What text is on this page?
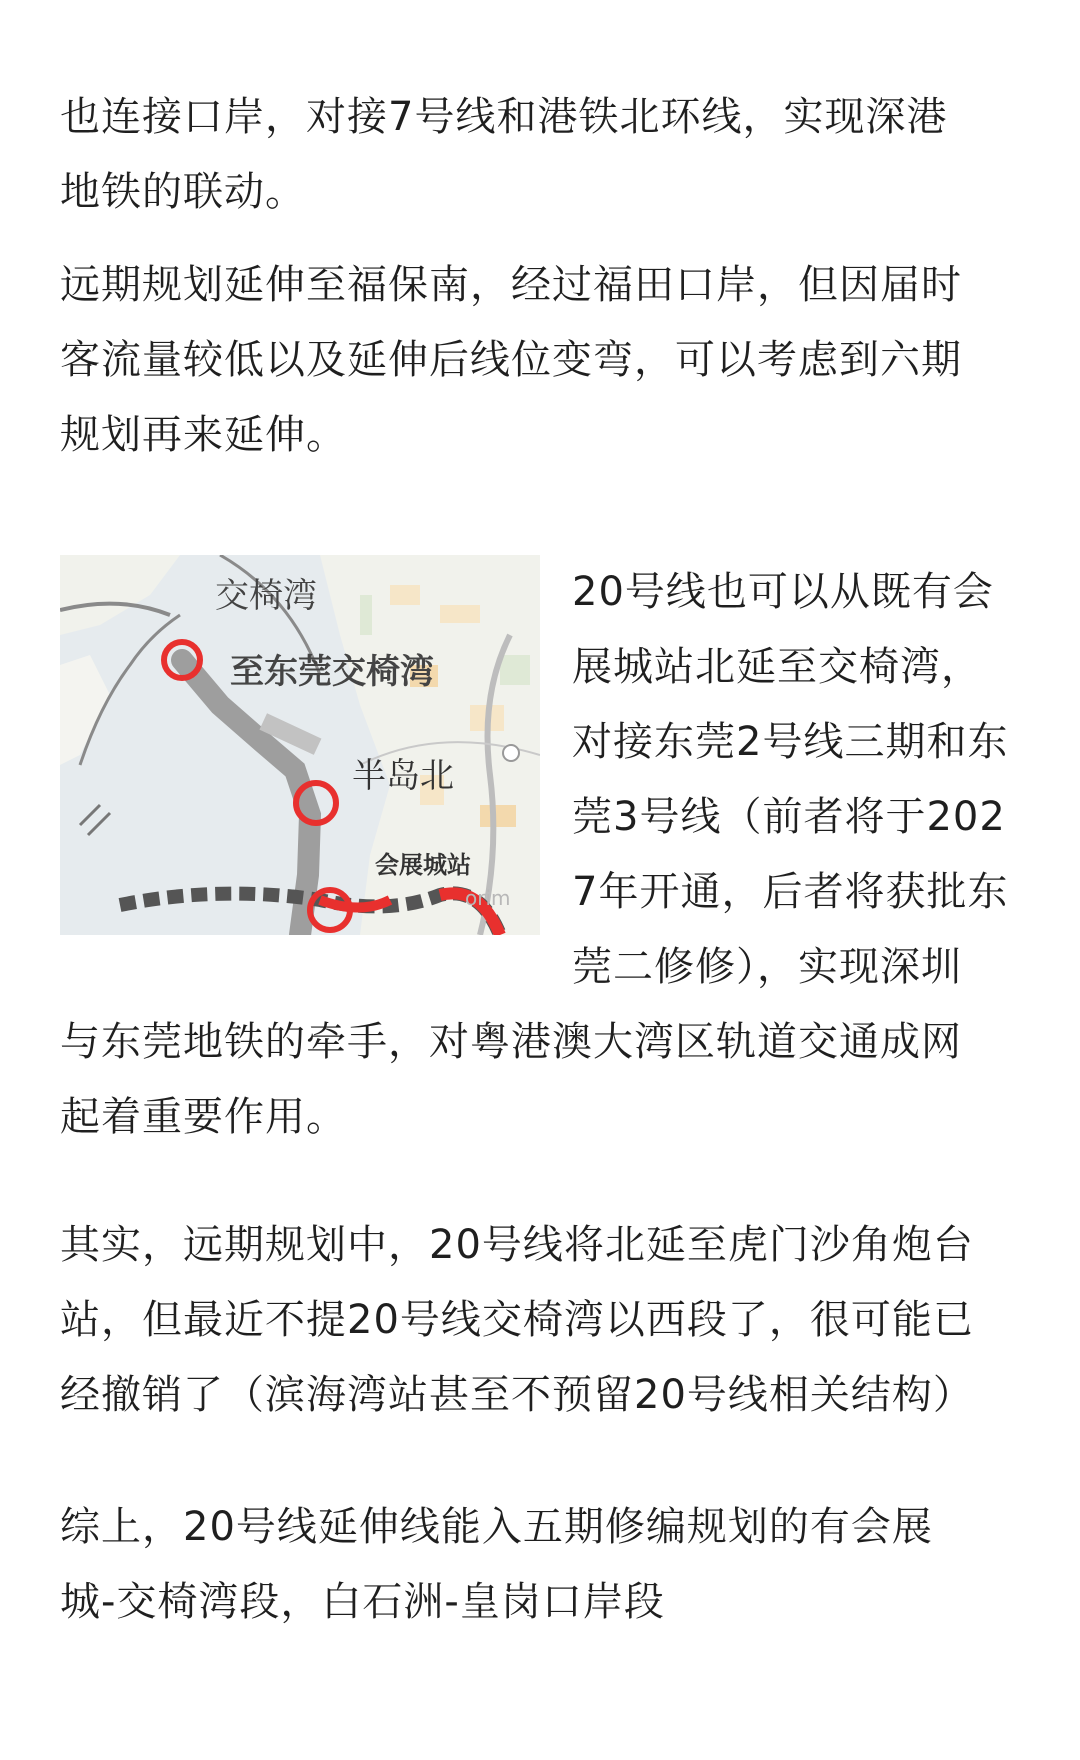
也连接口岸，对接7号线和港铁北环线，实现深港
地铁的联动。
远期规划延伸至福保南，经过福田口岸，但因届时
客流量较低以及延伸后线位变弯，可以考虑到六期
规划再来延伸。
交椅湾
至东莞交椅湾
半岛北
会展城站
orim
20号线也可以从既有会
展城站北延至交椅湾，
对接东莞2号线三期和东
莞3号线（前者将于202
7年开通，后者将获批东
莞二修修），实现深圳
与东莞地铁的牵手，对粤港澳大湾区轨道交通成网
起着重要作用。
其实，远期规划中，20号线将北延至虎门沙角炮台
站，但最近不提20号线交椅湾以西段了，很可能已
经撤销了（滨海湾站甚至不预留20号线相关结构）
综上，20号线延伸线能入五期修编规划的有会展
城-交椅湾段，白石洲-皇岗口岸段
